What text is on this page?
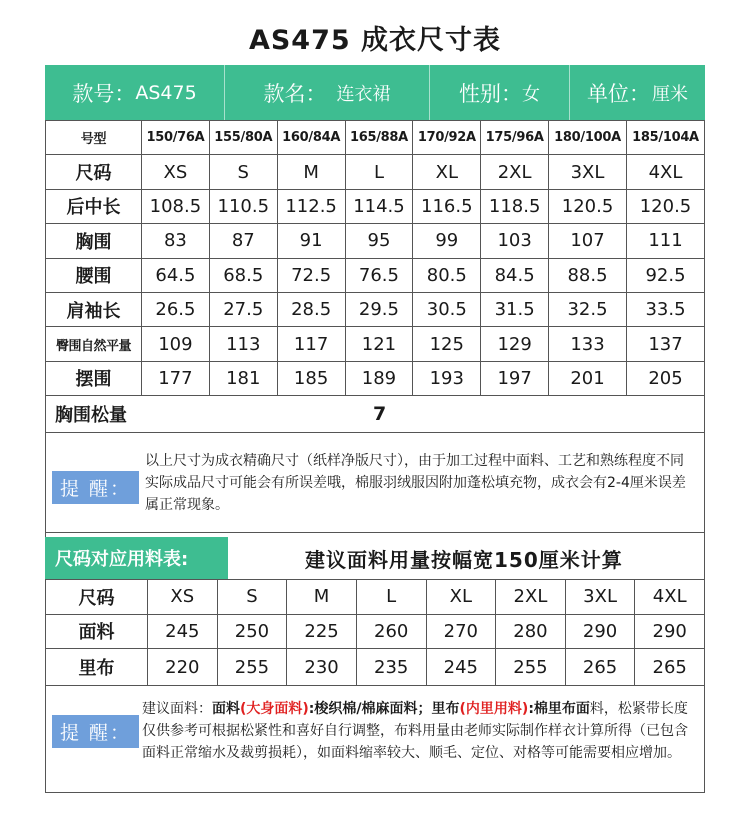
AS475 成衣尺寸表
款号： AS475	款名： 连衣裙	性别： 女 单位： 厘米
号型	150/76A	155/80A	160/84A	165/88A	170/92A	175/96A	180/100A	185/104A
尺码	XS	S	M	L	XL	2XL	3XL	4XL
后中长	108.5	110.5	112.5	114.5	116.5	118.5	120.5	120.5
胸围	83	87	91	95	99	103	107	111
腰围	64.5	68.5	72.5	76.5	80.5	84.5	88.5	92.5
肩袖长	26.5	27.5	28.5	29.5	30.5	31.5	32.5	33.5
臀围自然平量	109	113	117	121	125	129	133	137
摆围	177	181	185	189	193	197	201	205
胸围松量	7
提 醒：
以上尺寸为成衣精确尺寸（纸样净版尺寸），由于加工过程中面料、工艺和熟练程度不同实际成品尺寸可能会有所误差哦，棉服羽绒服因附加蓬松填充物，成衣会有2-4厘米误差属正常现象。
尺码对应用料表:	建议面料用量按幅宽150厘米计算
尺码	XS	S	M	L	XL	2XL	3XL	4XL
面料	245	250	225	260	270	280	290	290
里布	220	255	230	235	245	255	265	265
提 醒：
建议面料：面料(大身面料):梭织棉/棉麻面料；里布(内里用料):棉里布面料，松紧带长度仅供参考可根据松紧性和喜好自行调整，布料用量由老师实际制作样衣计算所得（已包含面料正常缩水及裁剪损耗），如面料缩率较大、顺毛、定位、对格等可能需要相应增加。
